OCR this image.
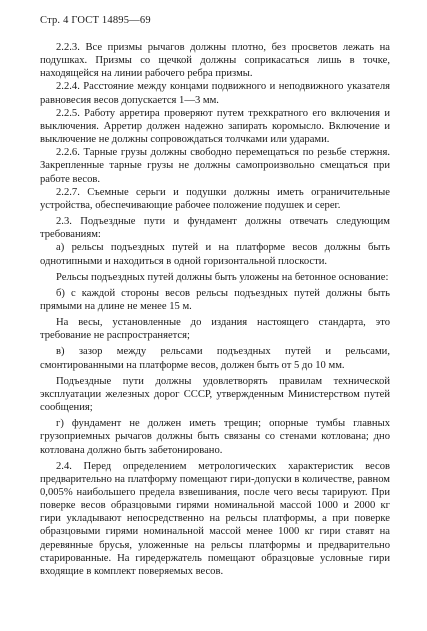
Стр. 4 ГОСТ 14895—69

2.2.3. Все призмы рычагов должны плотно, без просветов лежать на подушках. Призмы со щечкой должны соприкасаться лишь в точке, находящейся на линии рабочего ребра призмы.

2.2.4. Расстояние между концами подвижного и неподвижного указателя равновесия весов допускается 1—3 мм.

2.2.5. Работу арретира проверяют путем трехкратного его включения и выключения. Арретир должен надежно запирать коромысло. Включение и выключение не должны сопровождаться толчками или ударами.

2.2.6. Тарные грузы должны свободно перемещаться по резьбе стержня. Закрепленные тарные грузы не должны самопроизвольно смещаться при работе весов.

2.2.7. Съемные серьги и подушки должны иметь ограничительные устройства, обеспечивающие рабочее положение подушек и серег.

2.3. Подъездные пути и фундамент должны отвечать следующим требованиям:

а) рельсы подъездных путей и на платформе весов должны быть однотипными и находиться в одной горизонтальной плоскости.

Рельсы подъездных путей должны быть уложены на бетонное основание:

б) с каждой стороны весов рельсы подъездных путей должны быть прямыми на длине не менее 15 м.

На весы, установленные до издания настоящего стандарта, это требование не распространяется;

в) зазор между рельсами подъездных путей и рельсами, смонтированными на платформе весов, должен быть от 5 до 10 мм.

Подъездные пути должны удовлетворять правилам технической эксплуатации железных дорог СССР, утвержденным Министерством путей сообщения;

г) фундамент не должен иметь трещин; опорные тумбы главных грузоприемных рычагов должны быть связаны со стенами котлована; дно котлована должно быть забетонировано.

2.4. Перед определением метрологических характеристик весов предварительно на платформу помещают гири-допуски в количестве, равном 0,005% наибольшего предела взвешивания, после чего весы тарируют. При поверке весов образцовыми гирями номинальной массой 1000 и 2000 кг гири укладывают непосредственно на рельсы платформы, а при поверке образцовыми гирями номинальной массой менее 1000 кг гири ставят на деревянные брусья, уложенные на рельсы платформы и предварительно старированные. На гиредержатель помещают образцовые условные гири входящие в комплект поверяемых весов.
